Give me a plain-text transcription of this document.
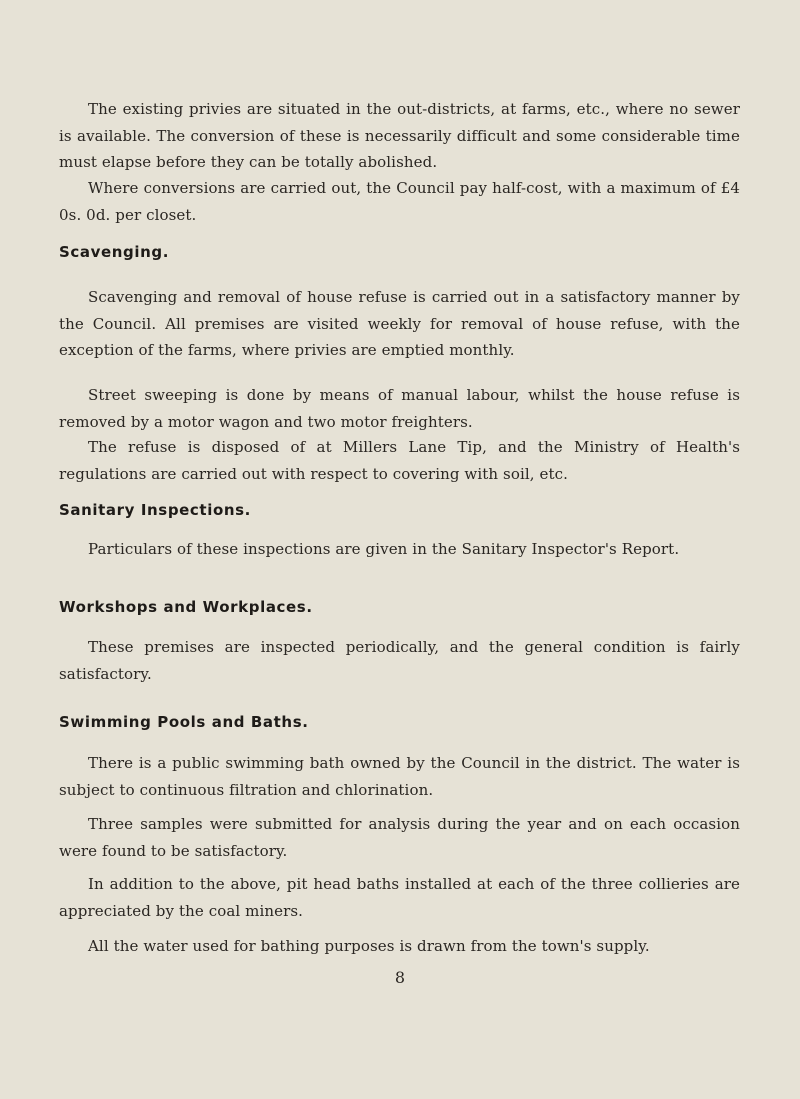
The existing privies are situated in the out-districts, at farms, etc., where no sewer is available. The conversion of these is necessarily difficult and some considerable time must elapse before they can be totally abolished.

Where conversions are carried out, the Council pay half-cost, with a maximum of £4 0s. 0d. per closet.

Scavenging.

Scavenging and removal of house refuse is carried out in a satisfactory manner by the Council. All premises are visited weekly for removal of house refuse, with the exception of the farms, where privies are emptied monthly.

Street sweeping is done by means of manual labour, whilst the house refuse is removed by a motor wagon and two motor freighters.

The refuse is disposed of at Millers Lane Tip, and the Ministry of Health's regulations are carried out with respect to covering with soil, etc.

Sanitary Inspections.

Particulars of these inspections are given in the Sanitary Inspector's Report.

Workshops and Workplaces.

These premises are inspected periodically, and the general condition is fairly satisfactory.

Swimming Pools and Baths.

There is a public swimming bath owned by the Council in the district. The water is subject to continuous filtration and chlorination.

Three samples were submitted for analysis during the year and on each occasion were found to be satisfactory.

In addition to the above, pit head baths installed at each of the three collieries are appreciated by the coal miners.

All the water used for bathing purposes is drawn from the town's supply.

8
